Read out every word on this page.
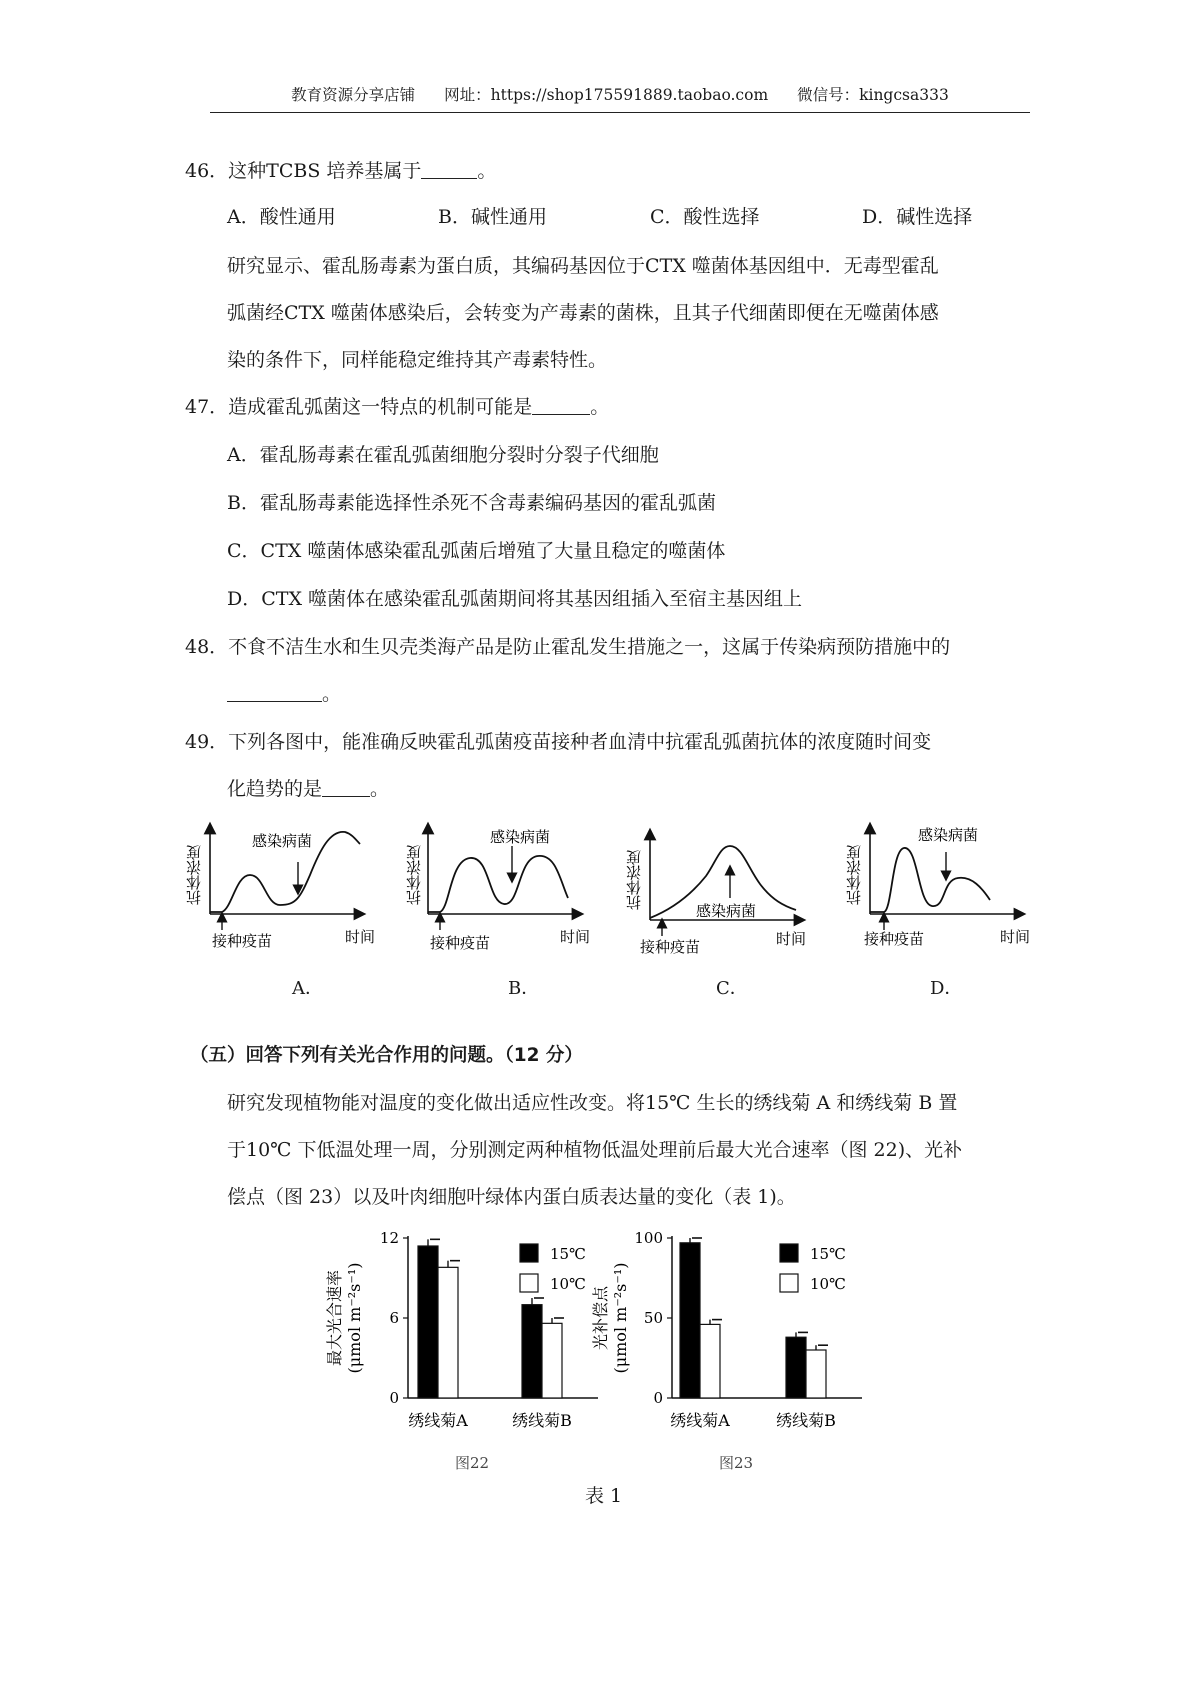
教育资源分享店铺 网址：https://shop175591889.taobao.com 微信号：kingcsa333
46．这种TCBS 培养基属于	。
A．酸性通用	B．碱性通用	C．酸性选择	D．碱性选择
研究显示、霍乱肠毒素为蛋白质，其编码基因位于CTX 噬菌体基因组中．无毒型霍乱
弧菌经CTX 噬菌体感染后，会转变为产毒素的菌株，且其子代细菌即便在无噬菌体感
染的条件下，同样能稳定维持其产毒素特性。
47．造成霍乱弧菌这一特点的机制可能是	。
A．霍乱肠毒素在霍乱弧菌细胞分裂时分裂子代细胞
B．霍乱肠毒素能选择性杀死不含毒素编码基因的霍乱弧菌
C．CTX 噬菌体感染霍乱弧菌后增殖了大量且稳定的噬菌体
D．CTX 噬菌体在感染霍乱弧菌期间将其基因组插入至宿主基因组上
48．不食不洁生水和生贝壳类海产品是防止霍乱发生措施之一，这属于传染病预防措施中的
。
49．下列各图中，能准确反映霍乱弧菌疫苗接种者血清中抗霍乱弧菌抗体的浓度随时间变
化趋势的是	。
抗体浓度
感染病菌
接种疫苗	时间
抗体浓度
感染病菌
接种疫苗	时间
抗体浓度
感染病菌
接种疫苗	时间
抗体浓度
感染病菌
接种疫苗	时间
A．	B．	C．	D．
（五）回答下列有关光合作用的问题。（12 分）
研究发现植物能对温度的变化做出适应性改变。将15℃ 生长的绣线菊 A 和绣线菊 B 置
于10℃ 下低温处理一周，分别测定两种植物低温处理前后最大光合速率（图 22)、光补
偿点（图 23）以及叶肉细胞叶绿体内蛋白质表达量的变化（表 1)。
0
6
12
绣线菊A	绣线菊B
15℃
10℃
最大光合速率(μmol m⁻²s⁻¹)
图22
0
50
100
绣线菊A	绣线菊B
15℃
10℃
光补偿点(μmol m⁻²s⁻¹)
图23
表 1
